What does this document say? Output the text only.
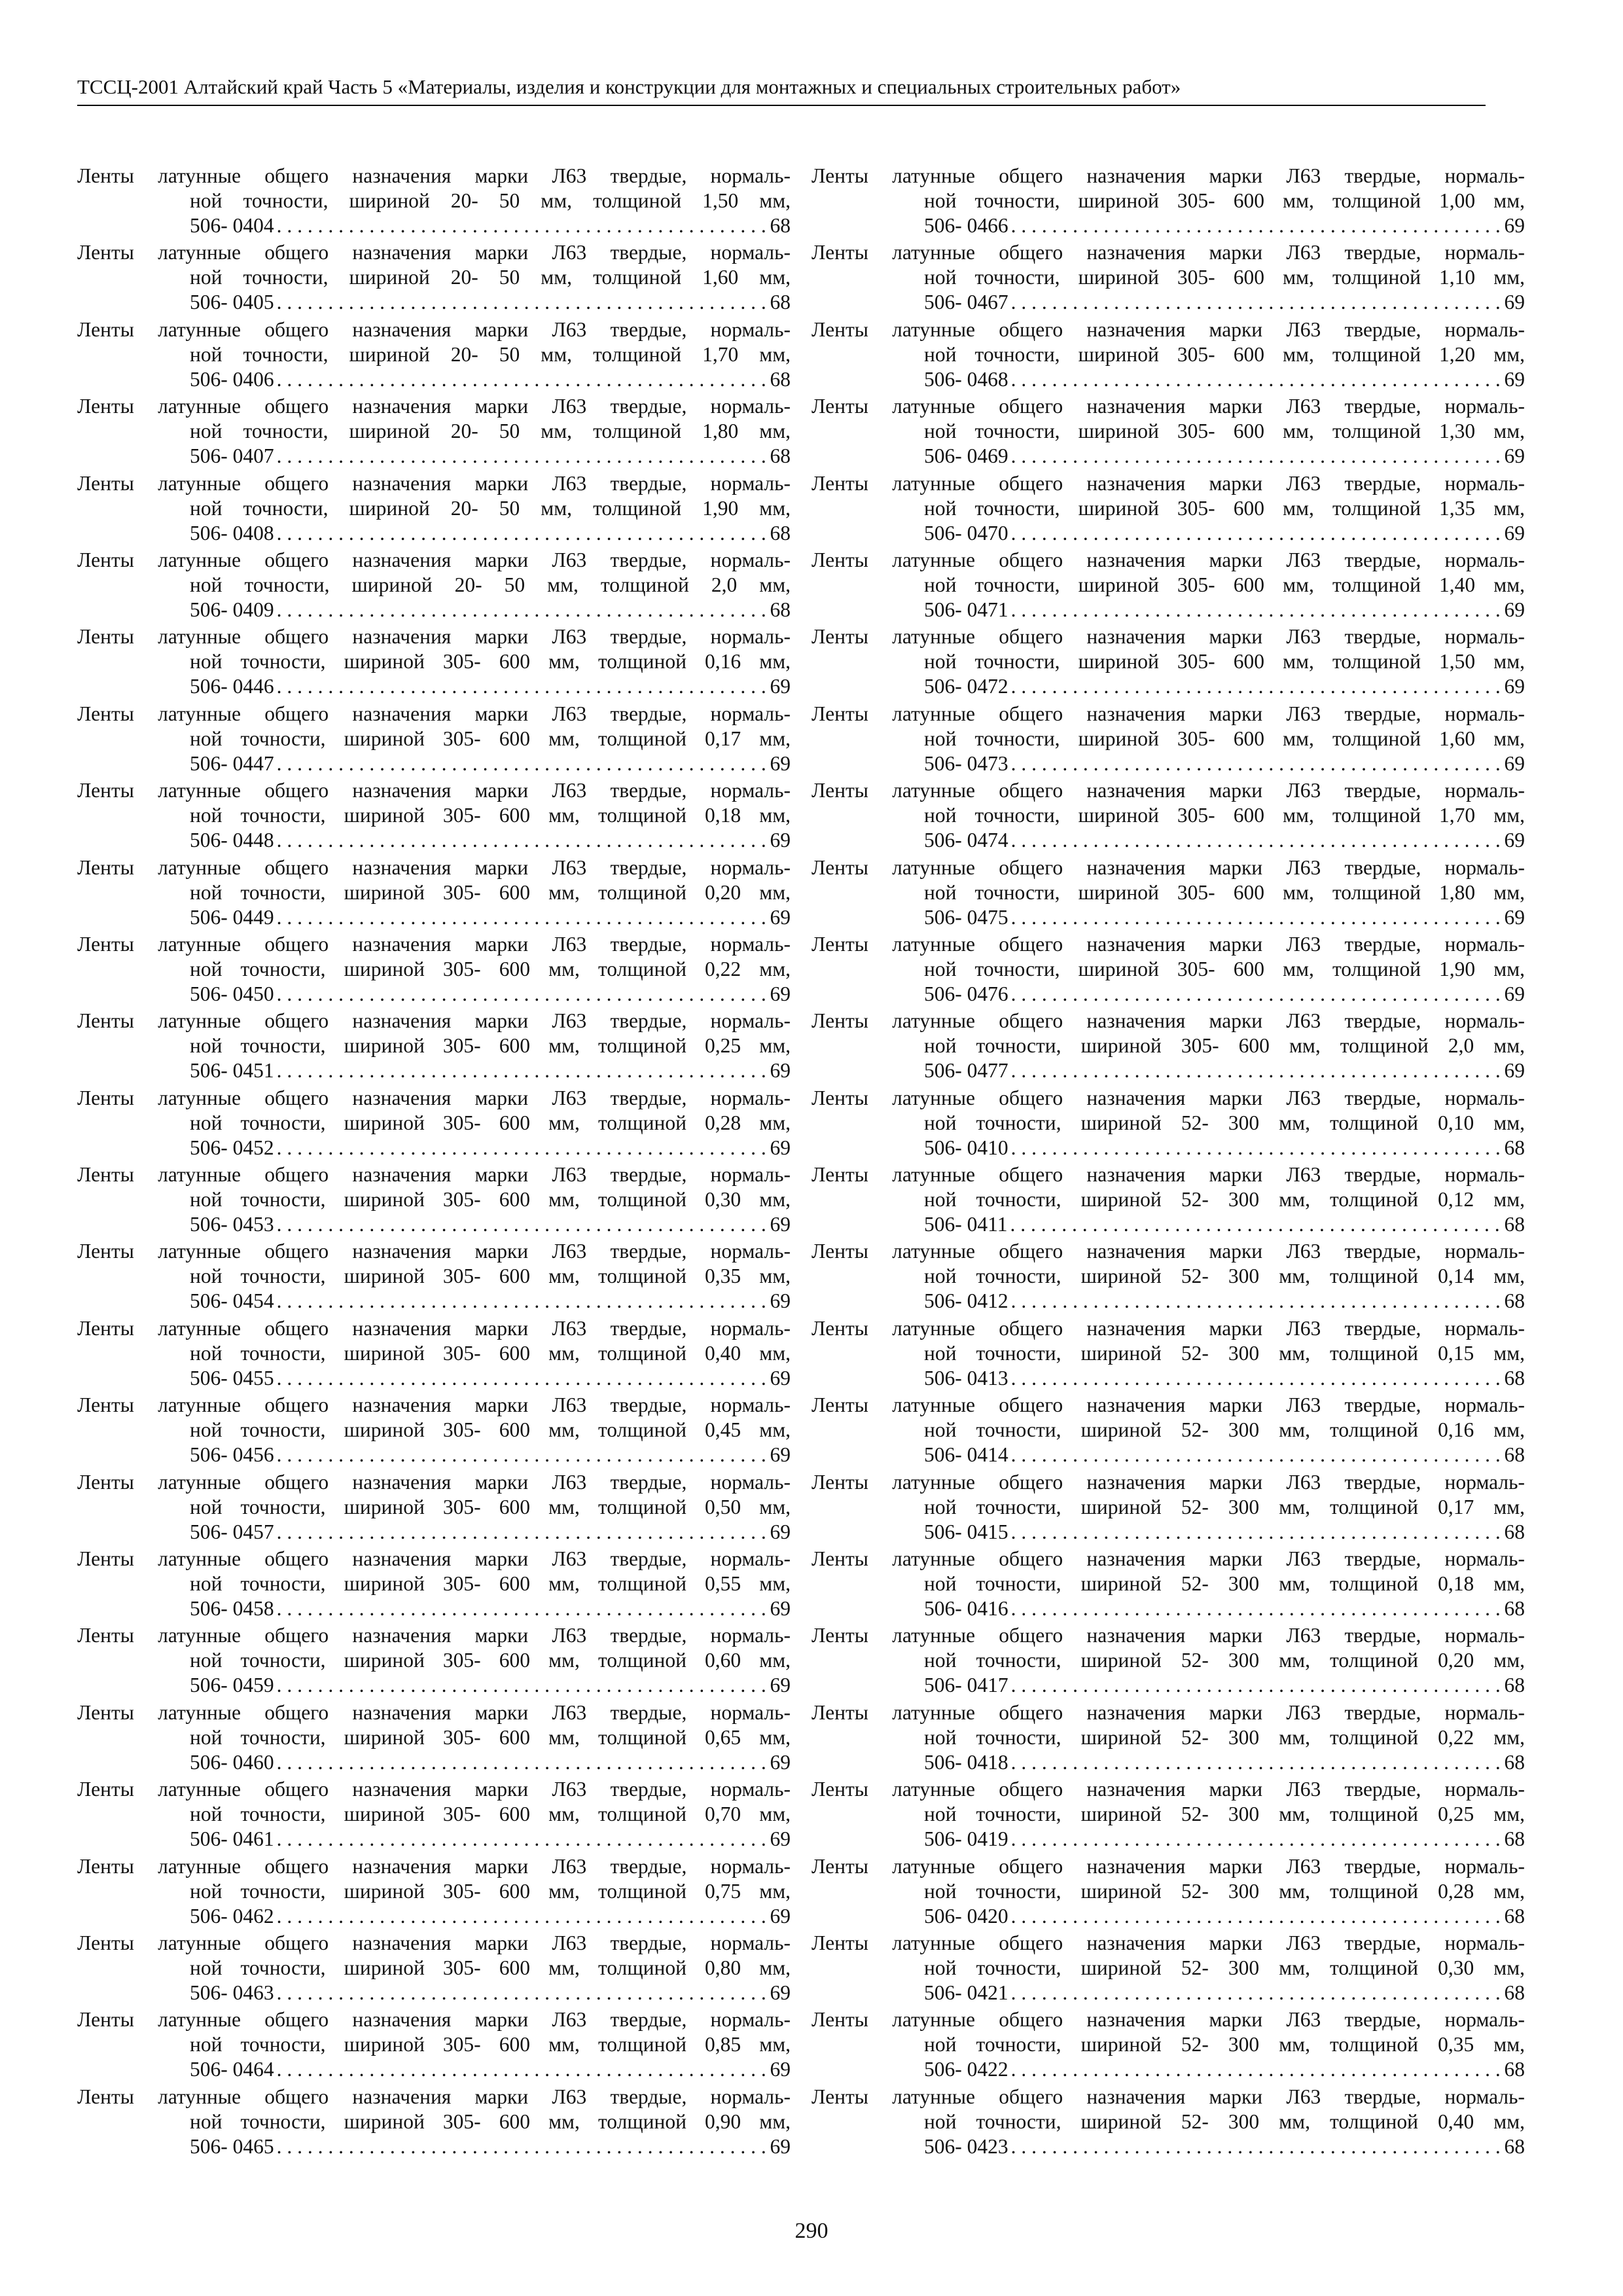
ТССЦ-2001 Алтайский край Часть 5 «Материалы, изделия и конструкции для монтажных и специальных строительных работ»
Ленты латунные общего назначения марки Л63 твердые, нормаль-
ной точности, шириной 20- 50 мм, толщиной 1,50 мм,
506- 0404 . . .	68
Ленты латунные общего назначения марки Л63 твердые, нормаль-
ной точности, шириной 20- 50 мм, толщиной 1,60 мм,
506- 0405 . . .	68
Ленты латунные общего назначения марки Л63 твердые, нормаль-
ной точности, шириной 20- 50 мм, толщиной 1,70 мм,
506- 0406 . . .	68
Ленты латунные общего назначения марки Л63 твердые, нормаль-
ной точности, шириной 20- 50 мм, толщиной 1,80 мм,
506- 0407 . . .	68
Ленты латунные общего назначения марки Л63 твердые, нормаль-
ной точности, шириной 20- 50 мм, толщиной 1,90 мм,
506- 0408 . . .	68
Ленты латунные общего назначения марки Л63 твердые, нормаль-
ной точности, шириной 20- 50 мм, толщиной 2,0 мм,
506- 0409 . . .	68
Ленты латунные общего назначения марки Л63 твердые, нормаль-
ной точности, шириной 305- 600 мм, толщиной 0,16 мм,
506- 0446 . . .	69
Ленты латунные общего назначения марки Л63 твердые, нормаль-
ной точности, шириной 305- 600 мм, толщиной 0,17 мм,
506- 0447 . . .	69
Ленты латунные общего назначения марки Л63 твердые, нормаль-
ной точности, шириной 305- 600 мм, толщиной 0,18 мм,
506- 0448 . . .	69
Ленты латунные общего назначения марки Л63 твердые, нормаль-
ной точности, шириной 305- 600 мм, толщиной 0,20 мм,
506- 0449 . . .	69
Ленты латунные общего назначения марки Л63 твердые, нормаль-
ной точности, шириной 305- 600 мм, толщиной 0,22 мм,
506- 0450 . . .	69
Ленты латунные общего назначения марки Л63 твердые, нормаль-
ной точности, шириной 305- 600 мм, толщиной 0,25 мм,
506- 0451 . . .	69
Ленты латунные общего назначения марки Л63 твердые, нормаль-
ной точности, шириной 305- 600 мм, толщиной 0,28 мм,
506- 0452 . . .	69
Ленты латунные общего назначения марки Л63 твердые, нормаль-
ной точности, шириной 305- 600 мм, толщиной 0,30 мм,
506- 0453 . . .	69
Ленты латунные общего назначения марки Л63 твердые, нормаль-
ной точности, шириной 305- 600 мм, толщиной 0,35 мм,
506- 0454 . . .	69
Ленты латунные общего назначения марки Л63 твердые, нормаль-
ной точности, шириной 305- 600 мм, толщиной 0,40 мм,
506- 0455 . . .	69
Ленты латунные общего назначения марки Л63 твердые, нормаль-
ной точности, шириной 305- 600 мм, толщиной 0,45 мм,
506- 0456 . . .	69
Ленты латунные общего назначения марки Л63 твердые, нормаль-
ной точности, шириной 305- 600 мм, толщиной 0,50 мм,
506- 0457 . . .	69
Ленты латунные общего назначения марки Л63 твердые, нормаль-
ной точности, шириной 305- 600 мм, толщиной 0,55 мм,
506- 0458 . . .	69
Ленты латунные общего назначения марки Л63 твердые, нормаль-
ной точности, шириной 305- 600 мм, толщиной 0,60 мм,
506- 0459 . . .	69
Ленты латунные общего назначения марки Л63 твердые, нормаль-
ной точности, шириной 305- 600 мм, толщиной 0,65 мм,
506- 0460 . . .	69
Ленты латунные общего назначения марки Л63 твердые, нормаль-
ной точности, шириной 305- 600 мм, толщиной 0,70 мм,
506- 0461 . . .	69
Ленты латунные общего назначения марки Л63 твердые, нормаль-
ной точности, шириной 305- 600 мм, толщиной 0,75 мм,
506- 0462 . . .	69
Ленты латунные общего назначения марки Л63 твердые, нормаль-
ной точности, шириной 305- 600 мм, толщиной 0,80 мм,
506- 0463 . . .	69
Ленты латунные общего назначения марки Л63 твердые, нормаль-
ной точности, шириной 305- 600 мм, толщиной 0,85 мм,
506- 0464 . . .	69
Ленты латунные общего назначения марки Л63 твердые, нормаль-
ной точности, шириной 305- 600 мм, толщиной 0,90 мм,
506- 0465 . . .	69
Ленты латунные общего назначения марки Л63 твердые, нормаль-
ной точности, шириной 305- 600 мм, толщиной 1,00 мм,
506- 0466 . . .	69
Ленты латунные общего назначения марки Л63 твердые, нормаль-
ной точности, шириной 305- 600 мм, толщиной 1,10 мм,
506- 0467 . . .	69
Ленты латунные общего назначения марки Л63 твердые, нормаль-
ной точности, шириной 305- 600 мм, толщиной 1,20 мм,
506- 0468 . . .	69
Ленты латунные общего назначения марки Л63 твердые, нормаль-
ной точности, шириной 305- 600 мм, толщиной 1,30 мм,
506- 0469 . . .	69
Ленты латунные общего назначения марки Л63 твердые, нормаль-
ной точности, шириной 305- 600 мм, толщиной 1,35 мм,
506- 0470 . . .	69
Ленты латунные общего назначения марки Л63 твердые, нормаль-
ной точности, шириной 305- 600 мм, толщиной 1,40 мм,
506- 0471 . . .	69
Ленты латунные общего назначения марки Л63 твердые, нормаль-
ной точности, шириной 305- 600 мм, толщиной 1,50 мм,
506- 0472 . . .	69
Ленты латунные общего назначения марки Л63 твердые, нормаль-
ной точности, шириной 305- 600 мм, толщиной 1,60 мм,
506- 0473 . . .	69
Ленты латунные общего назначения марки Л63 твердые, нормаль-
ной точности, шириной 305- 600 мм, толщиной 1,70 мм,
506- 0474 . . .	69
Ленты латунные общего назначения марки Л63 твердые, нормаль-
ной точности, шириной 305- 600 мм, толщиной 1,80 мм,
506- 0475 . . .	69
Ленты латунные общего назначения марки Л63 твердые, нормаль-
ной точности, шириной 305- 600 мм, толщиной 1,90 мм,
506- 0476 . . .	69
Ленты латунные общего назначения марки Л63 твердые, нормаль-
ной точности, шириной 305- 600 мм, толщиной 2,0 мм,
506- 0477 . . .	69
Ленты латунные общего назначения марки Л63 твердые, нормаль-
ной точности, шириной 52- 300 мм, толщиной 0,10 мм,
506- 0410 . . .	68
Ленты латунные общего назначения марки Л63 твердые, нормаль-
ной точности, шириной 52- 300 мм, толщиной 0,12 мм,
506- 0411 . . .	68
Ленты латунные общего назначения марки Л63 твердые, нормаль-
ной точности, шириной 52- 300 мм, толщиной 0,14 мм,
506- 0412 . . .	68
Ленты латунные общего назначения марки Л63 твердые, нормаль-
ной точности, шириной 52- 300 мм, толщиной 0,15 мм,
506- 0413 . . .	68
Ленты латунные общего назначения марки Л63 твердые, нормаль-
ной точности, шириной 52- 300 мм, толщиной 0,16 мм,
506- 0414 . . .	68
Ленты латунные общего назначения марки Л63 твердые, нормаль-
ной точности, шириной 52- 300 мм, толщиной 0,17 мм,
506- 0415 . . .	68
Ленты латунные общего назначения марки Л63 твердые, нормаль-
ной точности, шириной 52- 300 мм, толщиной 0,18 мм,
506- 0416 . . .	68
Ленты латунные общего назначения марки Л63 твердые, нормаль-
ной точности, шириной 52- 300 мм, толщиной 0,20 мм,
506- 0417 . . .	68
Ленты латунные общего назначения марки Л63 твердые, нормаль-
ной точности, шириной 52- 300 мм, толщиной 0,22 мм,
506- 0418 . . .	68
Ленты латунные общего назначения марки Л63 твердые, нормаль-
ной точности, шириной 52- 300 мм, толщиной 0,25 мм,
506- 0419 . . .	68
Ленты латунные общего назначения марки Л63 твердые, нормаль-
ной точности, шириной 52- 300 мм, толщиной 0,28 мм,
506- 0420 . . .	68
Ленты латунные общего назначения марки Л63 твердые, нормаль-
ной точности, шириной 52- 300 мм, толщиной 0,30 мм,
506- 0421 . . .	68
Ленты латунные общего назначения марки Л63 твердые, нормаль-
ной точности, шириной 52- 300 мм, толщиной 0,35 мм,
506- 0422 . . .	68
Ленты латунные общего назначения марки Л63 твердые, нормаль-
ной точности, шириной 52- 300 мм, толщиной 0,40 мм,
506- 0423 . . .	68
290
